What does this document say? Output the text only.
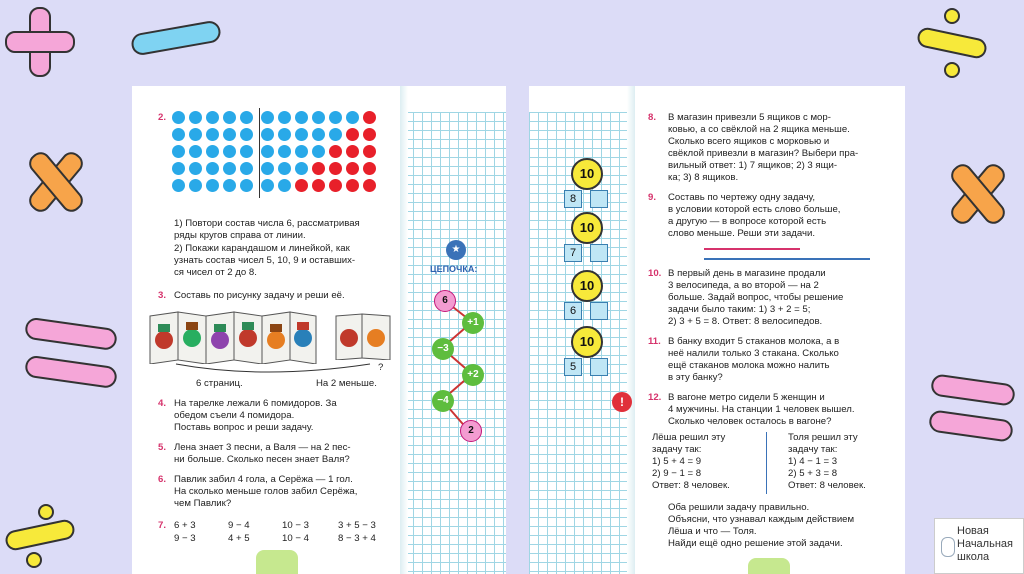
2.
1) Повтори состав числа 6, рассматривая
ряды кругов справа от линии.
2) Покажи карандашом и линейкой, как
узнать состав чисел 5, 10, 9 и оставших-
ся чисел от 2 до 8.
3. Составь по рисунку задачу и реши её.
?
6 страниц.	На 2 меньше.
4. На тарелке лежали 6 помидоров. За
обедом съели 4 помидора.
Поставь вопрос и реши задачу.
5. Лена знает 3 песни, а Валя — на 2 пес-
ни больше. Сколько песен знает Валя?
6. Павлик забил 4 гола, а Серёжа — 1 гол.
На сколько меньше голов забил Серёжа,
чем Павлик?
7. 6 + 3	9 − 4	10 − 3	3 + 5 − 3
9 − 3	4 + 5	10 − 4	8 − 3 + 4
★
ЦЕПОЧКА:
6
+1
−3
+2
−4
2
10
8
10
7
10
6
10
5
!
8. В магазин привезли 5 ящиков с мор-
ковью, а со свёклой на 2 ящика меньше.
Сколько всего ящиков с морковью и
свёклой привезли в магазин? Выбери пра-
вильный ответ: 1) 7 ящиков; 2) 3 ящи-
ка; 3) 8 ящиков.
9. Составь по чертежу одну задачу,
в условии которой есть слово больше,
а другую — в вопросе которой есть
слово меньше. Реши эти задачи.
10. В первый день в магазине продали
3 велосипеда, а во второй — на 2
больше. Задай вопрос, чтобы решение
задачи было таким: 1) 3 + 2 = 5;
2) 3 + 5 = 8. Ответ: 8 велосипедов.
11. В банку входит 5 стаканов молока, а в
неё налили только 3 стакана. Сколько
ещё стаканов молока можно налить
в эту банку?
12. В вагоне метро сидели 5 женщин и
4 мужчины. На станции 1 человек вышел.
Сколько человек осталось в вагоне?
Лёша решил эту
задачу так:
1) 5 + 4 = 9
2) 9 − 1 = 8
Ответ: 8 человек.
Толя решил эту
задачу так:
1) 4 − 1 = 3
2) 5 + 3 = 8
Ответ: 8 человек.
Оба решили задачу правильно.
Объясни, что узнавал каждым действием
Лёша и что — Толя.
Найди ещё одно решение этой задачи.
Новая
Начальная
школа
